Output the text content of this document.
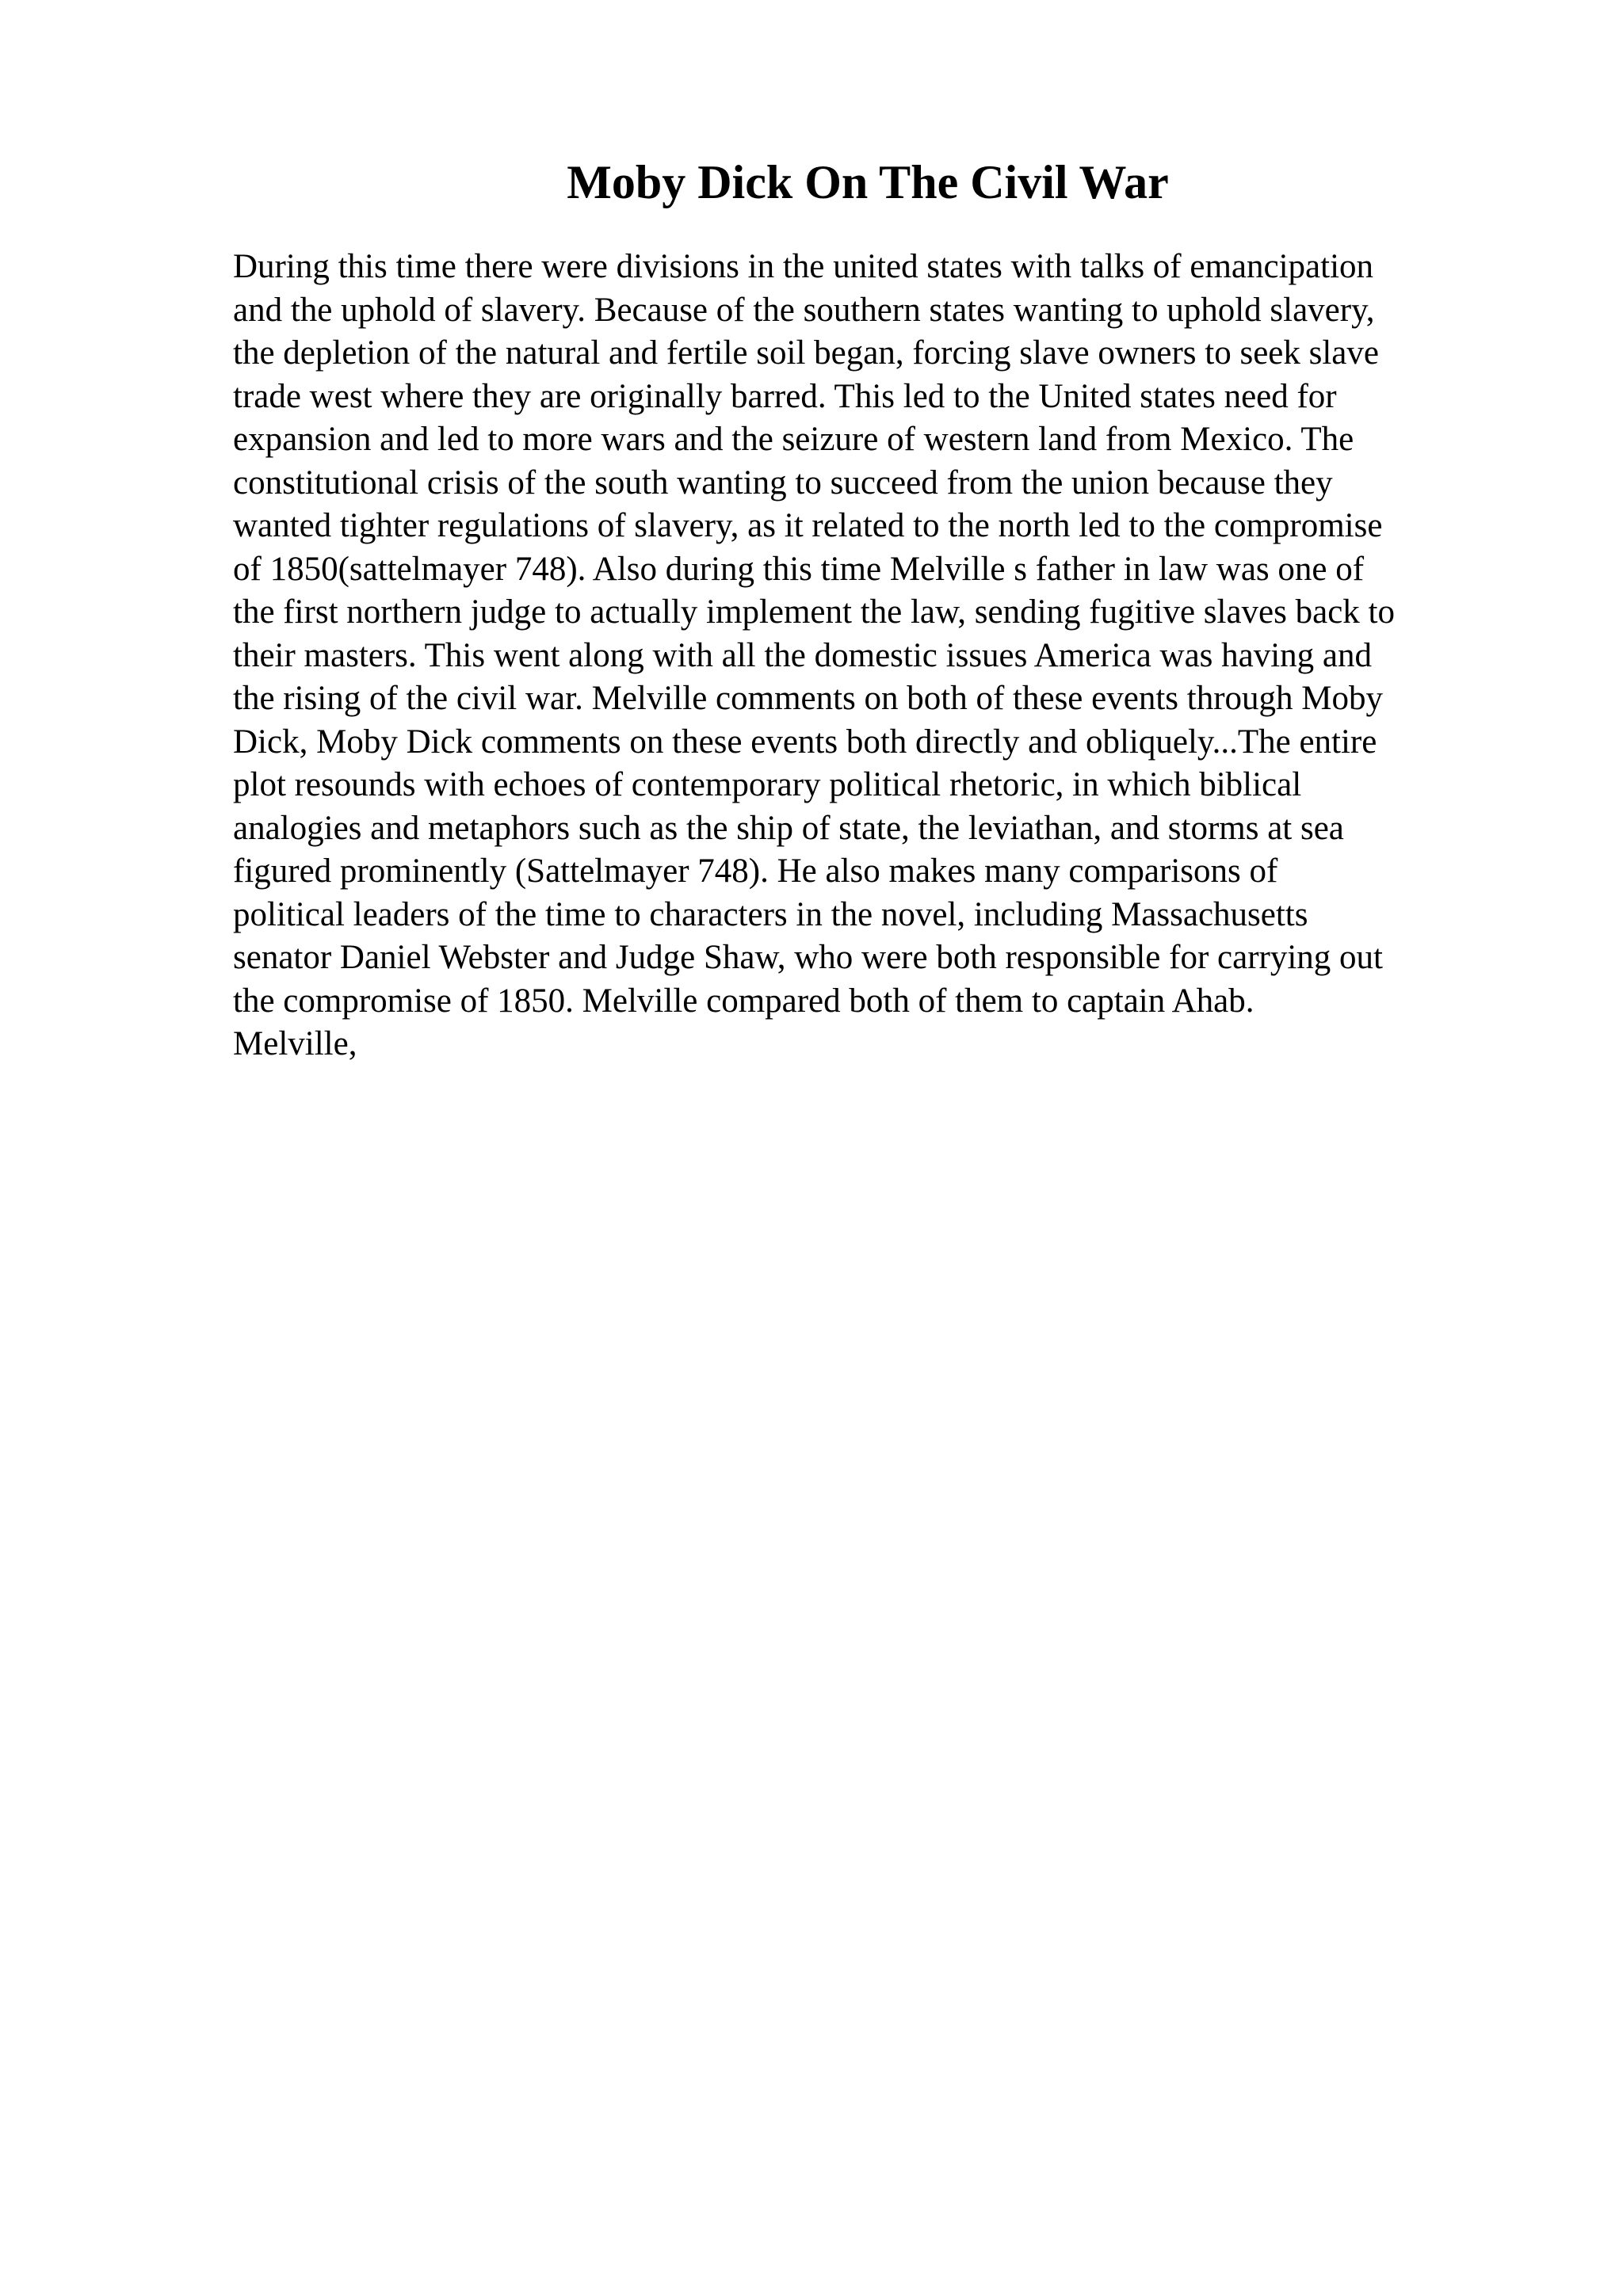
Moby Dick On The Civil War

During this time there were divisions in the united states with talks of emancipation
and the uphold of slavery. Because of the southern states wanting to uphold slavery,
the depletion of the natural and fertile soil began, forcing slave owners to seek slave
trade west where they are originally barred. This led to the United states need for
expansion and led to more wars and the seizure of western land from Mexico. The
constitutional crisis of the south wanting to succeed from the union because they
wanted tighter regulations of slavery, as it related to the north led to the compromise
of 1850(sattelmayer 748). Also during this time Melville s father in law was one of
the first northern judge to actually implement the law, sending fugitive slaves back to
their masters. This went along with all the domestic issues America was having and
the rising of the civil war. Melville comments on both of these events through Moby
Dick, Moby Dick comments on these events both directly and obliquely...The entire
plot resounds with echoes of contemporary political rhetoric, in which biblical
analogies and metaphors such as the ship of state, the leviathan, and storms at sea
figured prominently (Sattelmayer 748). He also makes many comparisons of
political leaders of the time to characters in the novel, including Massachusetts
senator Daniel Webster and Judge Shaw, who were both responsible for carrying out
the compromise of 1850. Melville compared both of them to captain Ahab.
Melville,
